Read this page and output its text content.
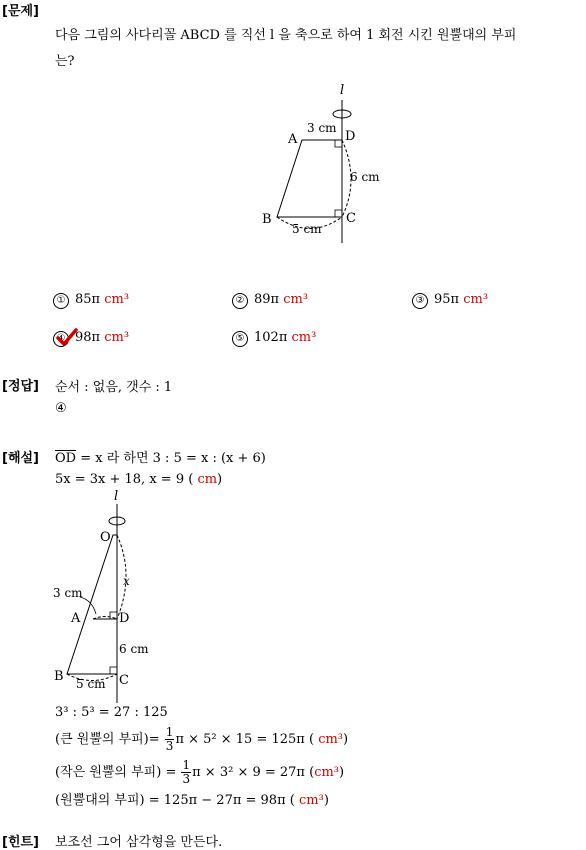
[문제]
다음 그림의 사다리꼴 ABCD 를 직선 l 을 축으로 하여 1 회전 시킨 원뿔대의 부피
는?
l
A	D
B	C
3 cm
6 cm
5 cm
① 85π cm³	② 89π cm³	③ 95π cm³
④ 98π cm³	⑤ 102π cm³
[정답] 순서 : 없음, 갯수 : 1
④
[해설] $\overline{OD} = x$ 라 하면 3 : 5 = x : (x + 6)
5x = 3x + 18, x = 9 ( cm)
l
O
A	D
B	C
x
3 cm
6 cm
5 cm
3³ : 5³ = 27 : 125
(큰 원뿔의 부피)= $\frac{1}{3}$ π × 5² × 15 = 125π ( cm³)
(작은 원뿔의 부피) = $\frac{1}{3}$ π × 3² × 9 = 27π (cm³)
(원뿔대의 부피) = 125π − 27π = 98π ( cm³)
[힌트] 보조선 그어 삼각형을 만든다.
